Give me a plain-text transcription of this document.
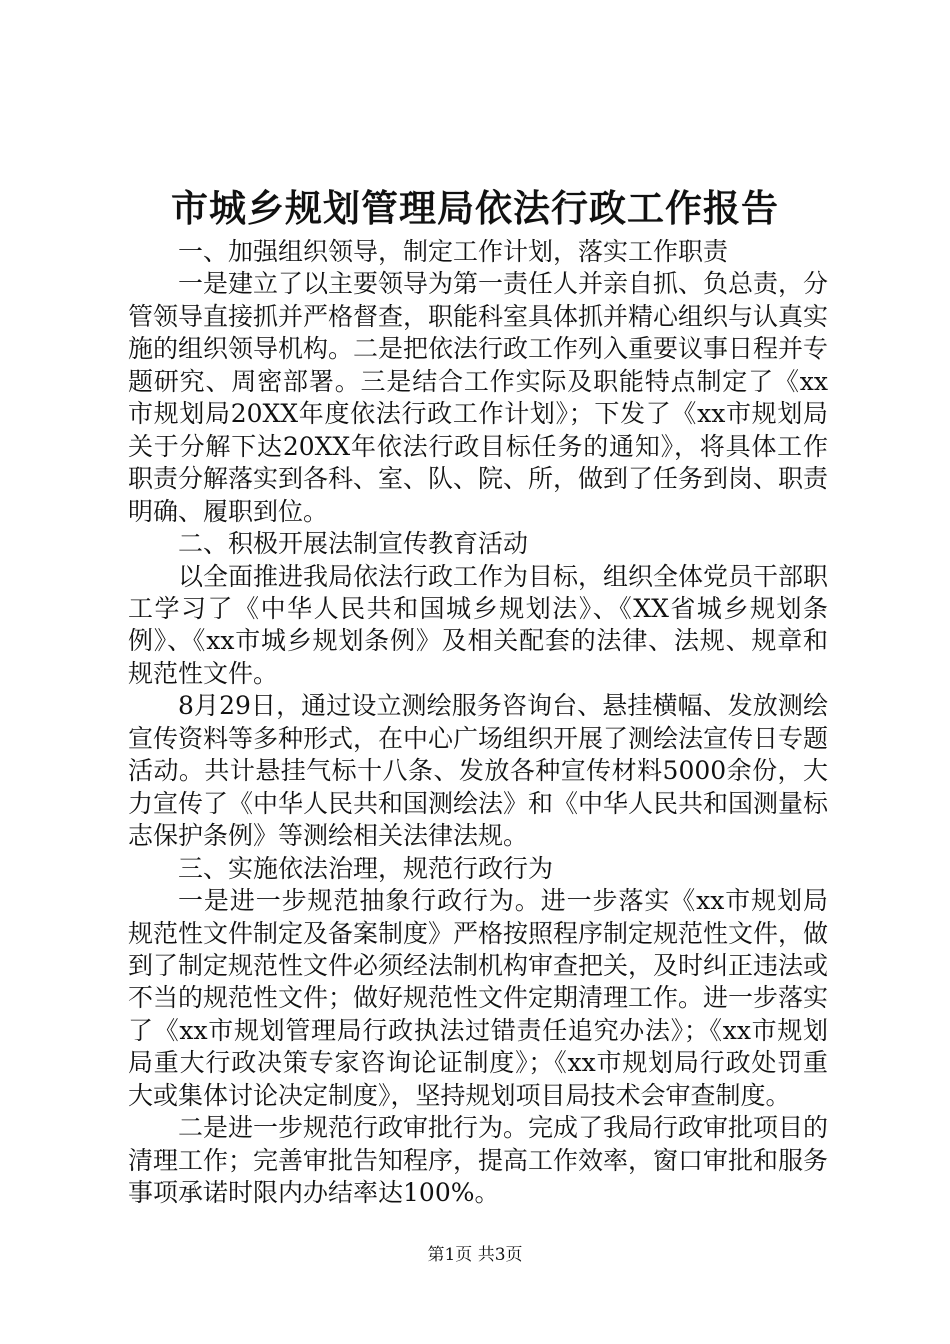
市城乡规划管理局依法行政工作报告

一、加强组织领导，制定工作计划，落实工作职责

一是建立了以主要领导为第一责任人并亲自抓、负总责，分管领导直接抓并严格督查，职能科室具体抓并精心组织与认真实施的组织领导机构。二是把依法行政工作列入重要议事日程并专题研究、周密部署。三是结合工作实际及职能特点制定了《xx市规划局20XX年度依法行政工作计划》；下发了《xx市规划局关于分解下达20XX年依法行政目标任务的通知》，将具体工作职责分解落实到各科、室、队、院、所，做到了任务到岗、职责明确、履职到位。

二、积极开展法制宣传教育活动

以全面推进我局依法行政工作为目标，组织全体党员干部职工学习了《中华人民共和国城乡规划法》、《XX省城乡规划条例》、《xx市城乡规划条例》及相关配套的法律、法规、规章和规范性文件。

8月29日，通过设立测绘服务咨询台、悬挂横幅、发放测绘宣传资料等多种形式，在中心广场组织开展了测绘法宣传日专题活动。共计悬挂气标十八条、发放各种宣传材料5000余份，大力宣传了《中华人民共和国测绘法》和《中华人民共和国测量标志保护条例》等测绘相关法律法规。

三、实施依法治理，规范行政行为

一是进一步规范抽象行政行为。进一步落实《xx市规划局规范性文件制定及备案制度》严格按照程序制定规范性文件，做到了制定规范性文件必须经法制机构审查把关，及时纠正违法或不当的规范性文件；做好规范性文件定期清理工作。进一步落实了《xx市规划管理局行政执法过错责任追究办法》；《xx市规划局重大行政决策专家咨询论证制度》；《xx市规划局行政处罚重大或集体讨论决定制度》，坚持规划项目局技术会审查制度。

二是进一步规范行政审批行为。完成了我局行政审批项目的清理工作；完善审批告知程序，提高工作效率，窗口审批和服务事项承诺时限内办结率达100%。

第1页 共3页
